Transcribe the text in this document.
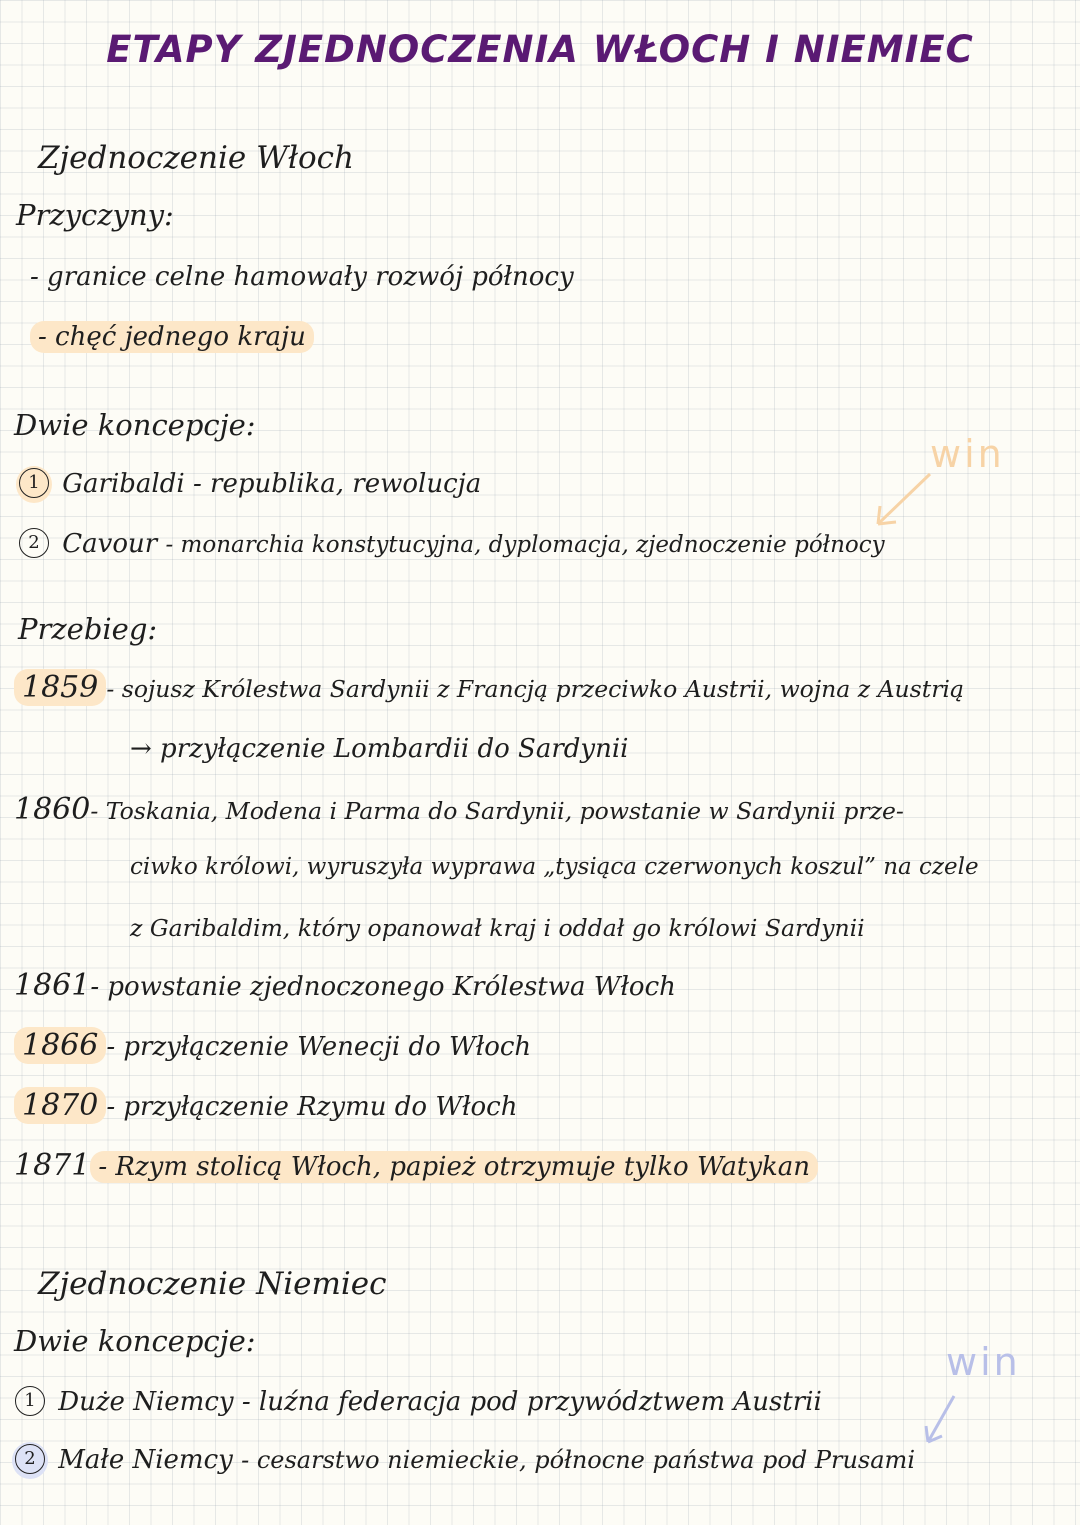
ETAPY ZJEDNOCZENIA WŁOCH I NIEMIEC
Zjednoczenie Włoch
Przyczyny:
- granice celne hamowały rozwój północy
- chęć jednego kraju
Dwie koncepcje:
1 Garibaldi - republika, rewolucja
2 Cavour - monarchia konstytucyjna, dyplomacja, zjednoczenie północy
win
Przebieg:
1859 - sojusz Królestwa Sardynii z Francją przeciwko Austrii, wojna z Austrią
→ przyłączenie Lombardii do Sardynii
1860- Toskania, Modena i Parma do Sardynii, powstanie w Sardynii prze-
ciwko królowi, wyruszyła wyprawa „tysiąca czerwonych koszul” na czele
z Garibaldim, który opanował kraj i oddał go królowi Sardynii
1861- powstanie zjednoczonego Królestwa Włoch
1866 - przyłączenie Wenecji do Włoch
1870 - przyłączenie Rzymu do Włoch
1871 - Rzym stolicą Włoch, papież otrzymuje tylko Watykan
Zjednoczenie Niemiec
Dwie koncepcje:
1 Duże Niemcy - luźna federacja pod przywództwem Austrii
2 Małe Niemcy - cesarstwo niemieckie, północne państwa pod Prusami
win
